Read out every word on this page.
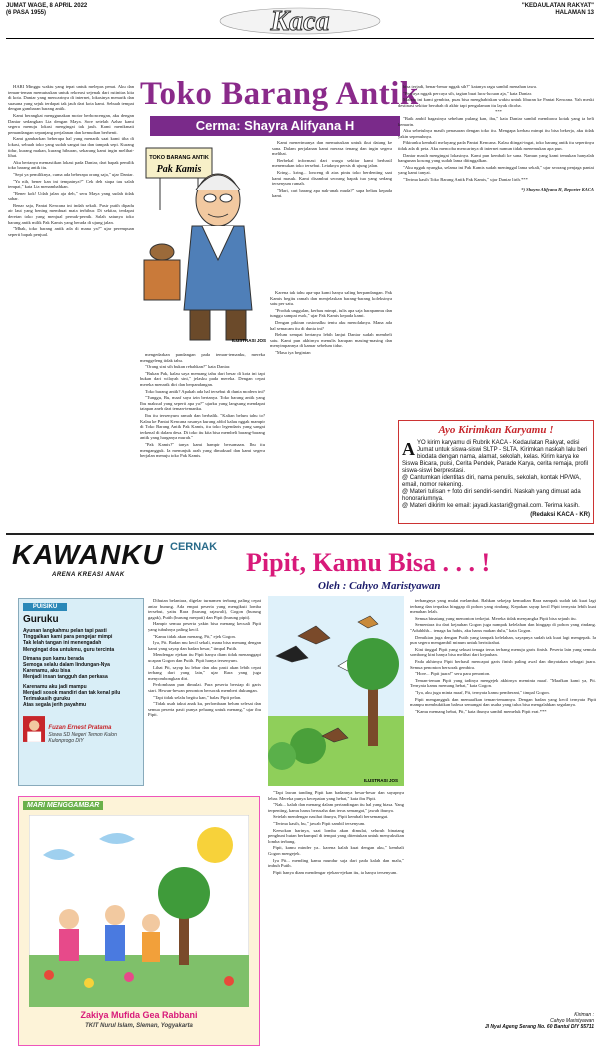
JUMAT WAGE, 8 APRIL 2022
(6 PASA 1955)	Kaca	"KEDAULATAN RAKYAT"
HALAMAN 13
Toko Barang Antik
Cerma: Shayra Alifyana H

HARI Minggu waktu yang tepat untuk melepas penat. Aku dan teman-teman memutuskan untuk rekreasi sejenak dari rutinitas kita di kota. Daniar yang mencarinya di internet, lokasinya menarik dan suasana yang sejuk terdapat tak jauh dari kota kami. Sebuah tempat dengan gambaran barang antik.

Kami berangkat menggunakan motor berboncengan, aku dengan Daniar sedangkan Lia dengan Maya. Sore setelah Azhar kami segera menuju lokasi mengingat tak jauh. Kami menikmati pemandangan sepanjang perjalanan dan kemudian berhenti.

Kami gambarkan beberapa hal yang menarik saat kami tiba di lokasi, sebuah toko yang sudah sangat tua dan tampak sepi. Kurang tidur, kurang makan, kurang hiburan, sekarang kami ingin melihat-lihat.

Aku bertanya memastikan lokasi pada Daniar, dari bapak pemilik toko barang antik itu.

"Sepi ya pemiliknya, cuma ada beberapa orang saja," ujar Daniar.

"Ya nih, bener kan ini tempatnya?" Cek deh siapa tau salah tempat," kata Lia menambahkan.

"Bener kok! Udah jalan aja deh," seru Maya yang sudah tidak sabar.

Benar saja, Pantai Kencana ini indah sekali. Pasir putih dipadu air laut yang bening membuat mata terhibur. Di sekitar, terdapat deretan toko yang menjual pernak-pernik. Salah satunya toko barang antik milik Pak Kamis yang berada di ujung jalan.

"Mbak, toko barang antik ada di mana ya?" ujar perempuan seperti bapak penjual.

TOKO BARANG ANTIK
Pak Kamis
ILUSTRASI JOS

mengedarkan pandangan pada teman-temanku, mereka menggeleng tidak tahu.

"Orang sini sih bukan rebahkan?" kata Daniar.

"Bukan Pak, kalau saya memang tahu dari besar di kota ini tapi bukan dari wilayah sini," jelasku pada mereka. Dengan cepat mereka menarik diri dan berpandangan.

Toko barang antik? Apakah ada hal tersebut di dunia modern ini?

"Tunggu, Bu, maaf saya izin bertanya. Toko barang antik yang Ibu maksud yang seperti apa ya?" ujarku yang langsung mendapat tatapan aneh dari teman-temanku.

Ibu itu tersenyum ramah dan berbalik. "Kalian belum tahu to? Kalau ke Pantai Kencana rasanya kurang afdol kalau nggak mampir di Toko Barang Antik Pak Kamis, itu toko legendaris yang sangat terkenal di dalam desa. Di toko itu kita bisa membeli barang-barang antik yang harganya murah."

"Pak Kamis?" tanya kami hampir bersamaan. Ibu itu mengangguk. Ia menunjuk arah yang dimaksud dan kami segera berjalan menuju toko Pak Kamis.

Kami menerimanya dan memutuskan untuk ikut datang ke sana. Dalam perjalanan kami merasa tenang dan ingin segera melihat.

Berbekal informasi dari warga sekitar kami berhasil menemukan toko tersebut. Letaknya persis di ujung jalan.

Kring... kring... lonceng di atas pintu toko berdenting saat kami masuk. Kami disambut seorang bapak tua yang sedang tersenyum ramah.

"Mari, cari barang apa nak-anak muda?" sapa beliau kepada kami.

Karena tak tahu apa-apa kami hanya saling berpandangan. Pak Kamis begitu ramah dan menjelaskan barang-barang koleksinya satu per satu.

"Produk unggulan, kerbau mimpi, tulis apa saja harapanmu dan tunggu sampai esok," ujar Pak Kamis kepada kami.

Dengan pikiran rasionalku tentu aku menolaknya. Mana ada hal semacam itu di dunia ini?

Belum sempat bertanya lebih lanjut Daniar sudah membeli satu. Kami pun akhirnya menulis harapan masing-masing dan menyimpannya di kamar sebelum tidur.

"Masa iya beginian

bisa terjadi, benar-benar nggak sih?" katanya ragu sambil menahan tawa.

"Percaya nggak percaya sih, tagian buat lucu-lucuan aja," kata Daniar.

Malam ini kami gembira, puas bisa menghabiskan waktu untuk liburan ke Pantai Kencana. Yah meski destinasi sekitar berubah di akhir tapi pengalaman itu layak dicoba.

***

"Baik ambil bagasinya sebelum pulang kan, ibu," kata Daniar sambil membawa kotak yang ia beli kemarin.

Aku sebetulnya masih penasaran dengan toko itu. Mengapa kerbau mimpi itu bisa bekerja, aku tidak yakin sepenuhnya.

Pikiranku kembali melayang pada Pantai Kencana. Kalau diingat-ingat, toko barang antik itu sepertinya tidak ada di peta. Aku mencoba mencarinya di internet namun tidak menemukan apa pun.

Daniar masih mengingat lokasinya. Kami pun kembali ke sana. Namun yang kami temukan hanyalah bangunan kosong yang sudah lama ditinggalkan.

"Aku nggak nyangka, selama ini Pak Kamis sudah meninggal lama sekali," ujar seorang penjaga pantai yang kami tanyai.

"Terima kasih Toko Barang Antik Pak Kamis," ujar Daniar lirih.***

*) Shayra Alifyana H, Reporter KACA

Ayo Kirimkan Karyamu !
A YO kirim karyamu di Rubrik KACA - Kedaulatan Rakyat, edisi Jumat untuk siswa-siswi SLTP - SLTA. Kirimkan naskah lalu beri biodata dengan nama, alamat, sekolah, kelas. Kirim karya ke Siswa Bicara, puisi, Cerita Pendek, Parade Karya, cerita remaja, profil siswa-siswi berprestasi.
@ Cantumkan identitas diri, nama penulis, sekolah, kontak HP/WA, email, nomor rekening.
@ Materi tulisan + foto diri sendiri-sendiri. Naskah yang dimuat ada honorariumnya.
@ Materi dikirim ke email: jayadi.kastari@gmail.com. Terima kasih.
(Redaksi KACA - KR)
KAWANKU
ARENA KREASI ANAK
CERNAK
Pipit, Kamu Bisa . . . !
Oleh : Cahyo Maristyawan
PUISIKU
Guruku
Ayunan langkahmu pelan tapi pasti
Tinggalkan kami para pengejar mimpi
Tak lelah tangan ini menengadah
Mengingat doa untukmu, guru tercinta
Dimana pun kamu berada
Semoga selalu dalam lindungan-Nya
Karenamu, aku bisa
Menjadi insan tangguh dan perkasa
Karenamu aku jadi mampu
Menjadi sosok mandiri dan tak kenal pilu
Terimakasih guruku
Atas segala jerih payahmu
Fuzan Ernest Pratama
Siswa SD Negeri Temon Kulon Kulonprogo DIY

Dihutan belantara, digelar turnamen terbang paling cepat antar burung. Ada empat peserta yang mengikuti lomba tersebut, yaitu Rara (burung rajawali), Gogon (burung gagak), Putih (burung merpati) dan Pipit (burung pipit).

Hampir semua peserta yakin bisa menang kecuali Pipit yang tubuhnya paling kecil.

"Kamu tidak akan menang, Pit," ejek Gogon.

Iya, Pit. Badan mu kecil sekali, mana bisa menang dengan kami yang sayap dan badan besar," timpal Putih.

Mendengar ejekan itu Pipit hanya diam tidak menanggapi ucapan Gogon dan Putih. Pipit hanya tersenyum.

Lihat Pit, sayap ku lebar dan aku pasti akan lebih cepat terbang dari yang lain," ujar Rara yang juga menyombongkan diri.

Perlombaan pun dimulai. Para peserta bersiap di garis start. Hewan-hewan penonton bersorak memberi dukungan.

"Tapi tidak selalu begitu kan," balas Pipit pelan.

"Tidak usah takut anak ku, perlombaan belum selesai dan semua peserta pasti punya peluang untuk menang," ujar ibu Pipit.

ILUSTRASI JOS

"Tapi lawan tanding Pipit kan badannya besar-besar dan sayapnya lebar. Mereka punya kecepatan yang hebat," kata ibu Pipit.

"Nak... kalah dan menang dalam pertandingan itu hal yang biasa. Yang terpenting, kamu harus berusaha dan terus semangat," jawab ibunya.

Setelah mendengar nasihat ibunya, Pipit kembali bersemangat.

"Terima kasih, bu," jawab Pipit sambil tersenyum.

Keesokan harinya, saat lomba akan dimulai, seluruh binatang penghuni hutan berkumpul di tempat yang ditentukan untuk menyaksikan lomba terbang.

Pipit, kamu minder ya.. karena kalah kuat dengan aku," kembali Gogon mengejek.

Iya Pit... mending kamu mundur saja dari pada kalah dan malu," imbuh Putih.

Pipit hanya diam mendengar ejekan-ejekan itu, ia hanya tersenyum.

terbangnya yang mulai melambat. Bahkan sekejap kemudian Rara nampak sudah tak kuat lagi terbang dan terpaksa hinggap di pohon yang rindang. Kepakan sayap kecil Pipit ternyata lebih kuat menahan lelah.

Semua binatang yang menonton terkejut. Mereka tidak menyangka Pipit bisa sejauh itu.

Sementara itu dari kejauhan Gogon juga nampak kelelahan dan hinggap di pohon yang rindang. "Aduhhhh... tenaga ku habis, aku harus makan dulu," kata Gogon.

Demikian juga dengan Putih yang tampak kelelahan, sayapnya sudah tak kuat lagi mengepak. Ia pun segera mengambil minum untuk beristirahat.

Kini tinggal Pipit yang sekuat tenaga terus terbang menuju garis finish. Peserta lain yang semula sombong kini hanya bisa melihat dari kejauhan.

Pada akhirnya Pipit berhasil mencapai garis finish paling awal dan dinyatakan sebagai juara. Semua penonton bersorak gembira.

"Hore... Pipit juara!" seru para penonton.

Teman-teman Pipit yang tadinya mengejek akhirnya meminta maaf. "Maafkan kami ya, Pit. Ternyata kamu memang hebat," kata Gogon.

"Iya, aku juga minta maaf, Pit, ternyata kamu pemberani," timpal Gogon.

Pipit mengangguk dan memaafkan teman-temannya. Dengan badan yang kecil ternyata Pipit mampu membuktikan bahwa semangat dan usaha yang tulus bisa mengalahkan segalanya.

"Kamu memang hebat, Pit," kata ibunya sambil memeluk Pipit erat.***

MARI MENGGAMBAR
Zakiya Mufida Gea Rabbani
TKIT Nurul Islam, Sleman, Yogyakarta
Kiriman :
Cahyo Maristyawan
Jl Nyai Ageng Serang No. 60 Bantul DIY 55711
